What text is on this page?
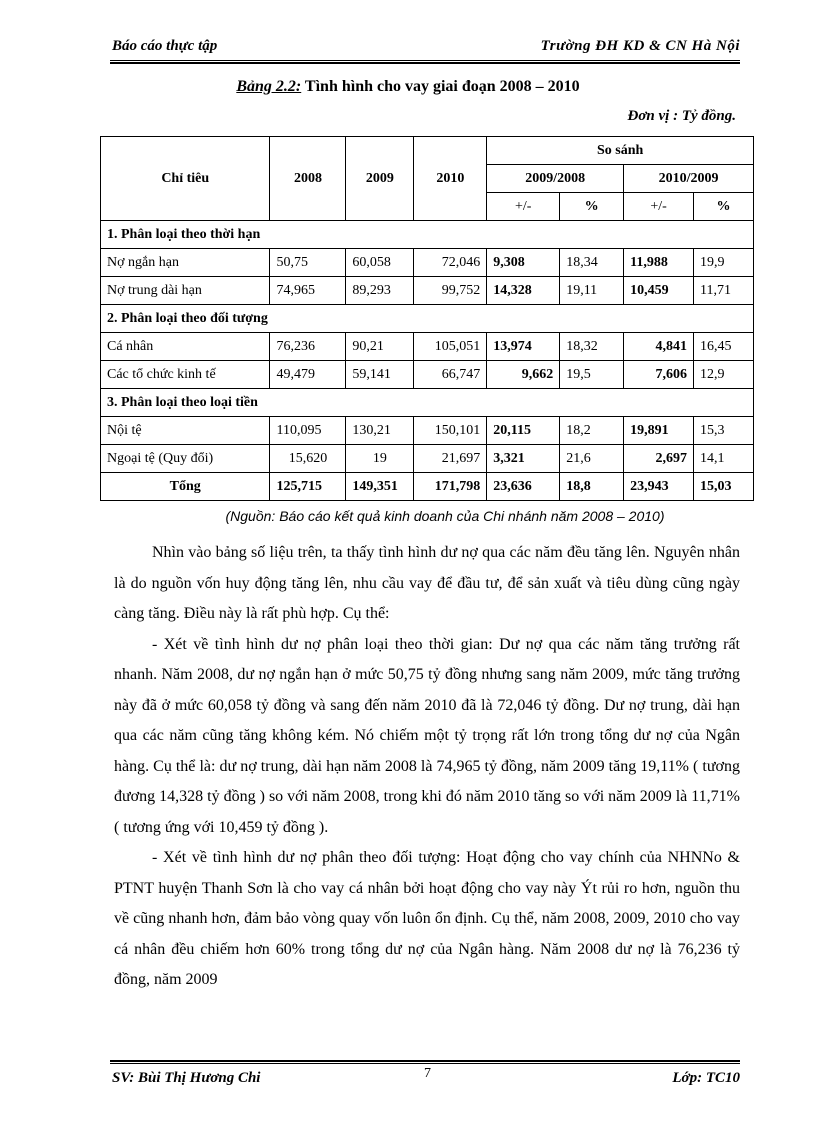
Báo cáo thực tập	Trường ĐH KD & CN Hà Nội
Bảng 2.2: Tình hình cho vay giai đoạn 2008 – 2010
Đơn vị : Tỷ đồng.
Chỉ tiêu	2008	2009	2010	So sánh			
				2009/2008		2010/2009	
				+/-	%	+/-	%
1. Phân loại theo thời hạn							
Nợ ngắn hạn	50,75	60,058	72,046	9,308	18,34	11,988	19,9
Nợ trung dài hạn	74,965	89,293	99,752	14,328	19,11	10,459	11,71
2. Phân loại theo đối tượng							
Cá nhân	76,236	90,21	105,051	13,974	18,32	4,841	16,45
Các tổ chức kinh tế	49,479	59,141	66,747	9,662	19,5	7,606	12,9
3. Phân loại theo loại tiền							
Nội tệ	110,095	130,21	150,101	20,115	18,2	19,891	15,3
Ngoại tệ (Quy đổi)	15,620	19	21,697	3,321	21,6	2,697	14,1
Tổng	125,715	149,351	171,798	23,636	18,8	23,943	15,03
(Nguồn: Báo cáo kết quả kinh doanh của Chi nhánh năm 2008 – 2010)

Nhìn vào bảng số liệu trên, ta thấy tình hình dư nợ qua các năm đều tăng lên. Nguyên nhân là do nguồn vốn huy động tăng lên, nhu cầu vay để đầu tư, để sản xuất và tiêu dùng cũng ngày càng tăng. Điều này là rất phù hợp. Cụ thể:

- Xét về tình hình dư nợ phân loại theo thời gian: Dư nợ qua các năm tăng trưởng rất nhanh. Năm 2008, dư nợ ngắn hạn ở mức 50,75 tỷ đồng nhưng sang năm 2009, mức tăng trưởng này đã ở mức 60,058 tỷ đồng và sang đến năm 2010 đã là 72,046 tỷ đồng. Dư nợ trung, dài hạn qua các năm cũng tăng không kém. Nó chiếm một tỷ trọng rất lớn trong tổng dư nợ của Ngân hàng. Cụ thể là: dư nợ trung, dài hạn năm 2008 là 74,965 tỷ đồng, năm 2009 tăng 19,11% ( tương đương 14,328 tỷ đồng ) so với năm 2008, trong khi đó năm 2010 tăng so với năm 2009 là 11,71% ( tương ứng với 10,459 tỷ đồng ).

- Xét về tình hình dư nợ phân theo đối tượng: Hoạt động cho vay chính của NHNNo & PTNT huyện Thanh Sơn là cho vay cá nhân bởi hoạt động cho vay này Ýt rủi ro hơn, nguồn thu về cũng nhanh hơn, đảm bảo vòng quay vốn luôn ổn định. Cụ thể, năm 2008, 2009, 2010 cho vay cá nhân đều chiếm hơn 60% trong tổng dư nợ của Ngân hàng. Năm 2008 dư nợ là 76,236 tỷ đồng, năm 2009

SV: Bùi Thị Hương Chi	7	Lớp: TC10
